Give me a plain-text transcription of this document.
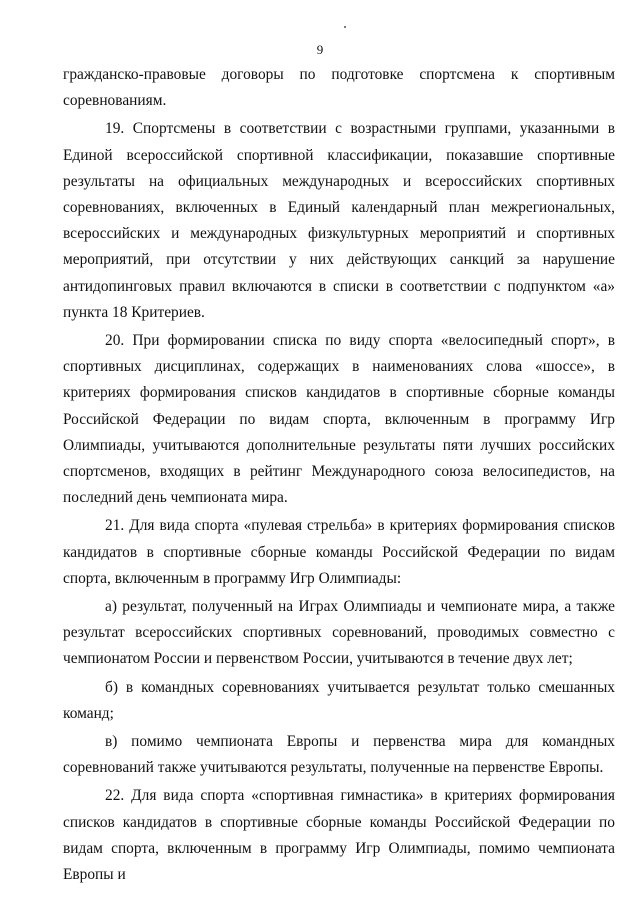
9

гражданско-правовые договоры по подготовке спортсмена к спортивным соревнованиям.

19. Спортсмены в соответствии с возрастными группами, указанными в Единой всероссийской спортивной классификации, показавшие спортивные результаты на официальных международных и всероссийских спортивных соревнованиях, включенных в Единый календарный план межрегиональных, всероссийских и международных физкультурных мероприятий и спортивных мероприятий, при отсутствии у них действующих санкций за нарушение антидопинговых правил включаются в списки в соответствии с подпунктом «а» пункта 18 Критериев.

20. При формировании списка по виду спорта «велосипедный спорт», в спортивных дисциплинах, содержащих в наименованиях слова «шоссе», в критериях формирования списков кандидатов в спортивные сборные команды Российской Федерации по видам спорта, включенным в программу Игр Олимпиады, учитываются дополнительные результаты пяти лучших российских спортсменов, входящих в рейтинг Международного союза велосипедистов, на последний день чемпионата мира.

21. Для вида спорта «пулевая стрельба» в критериях формирования списков кандидатов в спортивные сборные команды Российской Федерации по видам спорта, включенным в программу Игр Олимпиады:

а) результат, полученный на Играх Олимпиады и чемпионате мира, а также результат всероссийских спортивных соревнований, проводимых совместно с чемпионатом России и первенством России, учитываются в течение двух лет;

б) в командных соревнованиях учитывается результат только смешанных команд;

в) помимо чемпионата Европы и первенства мира для командных соревнований также учитываются результаты, полученные на первенстве Европы.

22. Для вида спорта «спортивная гимнастика» в критериях формирования списков кандидатов в спортивные сборные команды Российской Федерации по видам спорта, включенным в программу Игр Олимпиады, помимо чемпионата Европы и
